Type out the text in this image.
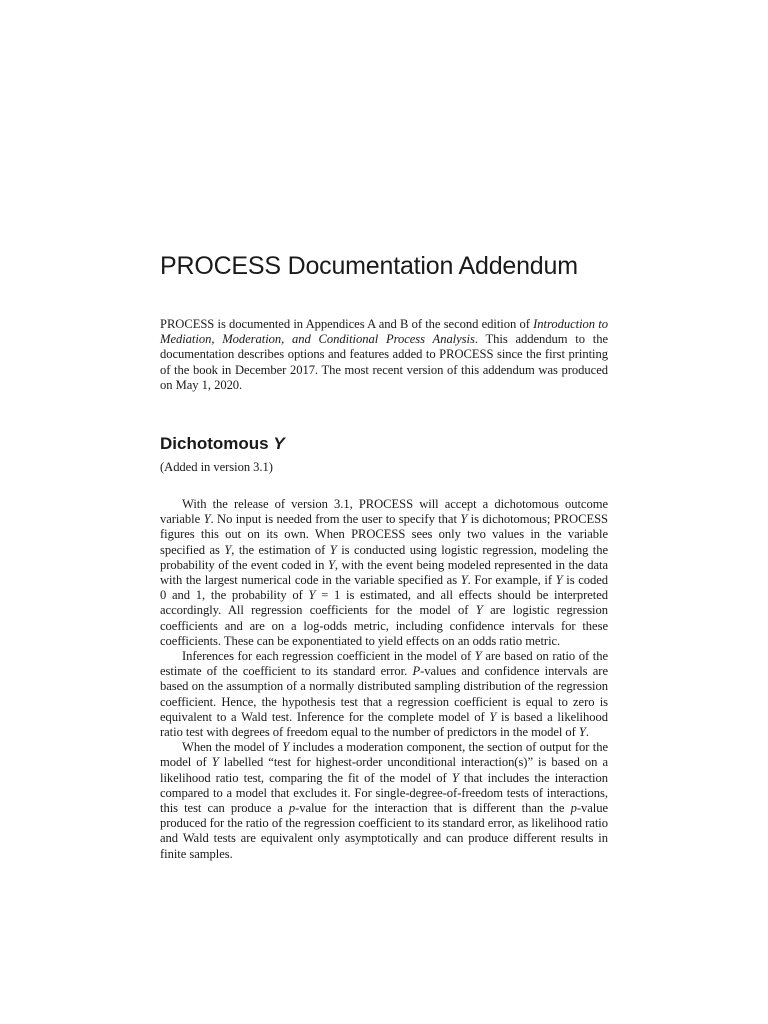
PROCESS Documentation Addendum

PROCESS is documented in Appendices A and B of the second edition of Introduction to Mediation, Moderation, and Conditional Process Analysis. This addendum to the documentation describes options and features added to PROCESS since the first printing of the book in December 2017. The most recent version of this addendum was produced on May 1, 2020.

Dichotomous Y

(Added in version 3.1)

With the release of version 3.1, PROCESS will accept a dichotomous outcome variable Y. No input is needed from the user to specify that Y is dichotomous; PROCESS figures this out on its own. When PROCESS sees only two values in the variable specified as Y, the estimation of Y is conducted using logistic regression, modeling the probability of the event coded in Y, with the event being modeled represented in the data with the largest numerical code in the variable specified as Y. For example, if Y is coded 0 and 1, the probability of Y = 1 is estimated, and all effects should be interpreted accordingly. All regression coefficients for the model of Y are logistic regression coefficients and are on a log-odds metric, including confidence intervals for these coefficients. These can be exponentiated to yield effects on an odds ratio metric.

Inferences for each regression coefficient in the model of Y are based on ratio of the estimate of the coefficient to its standard error. P-values and confidence intervals are based on the assumption of a normally distributed sampling distribution of the regression coefficient. Hence, the hypothesis test that a regression coefficient is equal to zero is equivalent to a Wald test. Inference for the complete model of Y is based a likelihood ratio test with degrees of freedom equal to the number of predictors in the model of Y.

When the model of Y includes a moderation component, the section of output for the model of Y labelled “test for highest-order unconditional interaction(s)” is based on a likelihood ratio test, comparing the fit of the model of Y that includes the interaction compared to a model that excludes it. For single-degree-of-freedom tests of interactions, this test can produce a p-value for the interaction that is different than the p-value produced for the ratio of the regression coefficient to its standard error, as likelihood ratio and Wald tests are equivalent only asymptotically and can produce different results in finite samples.
